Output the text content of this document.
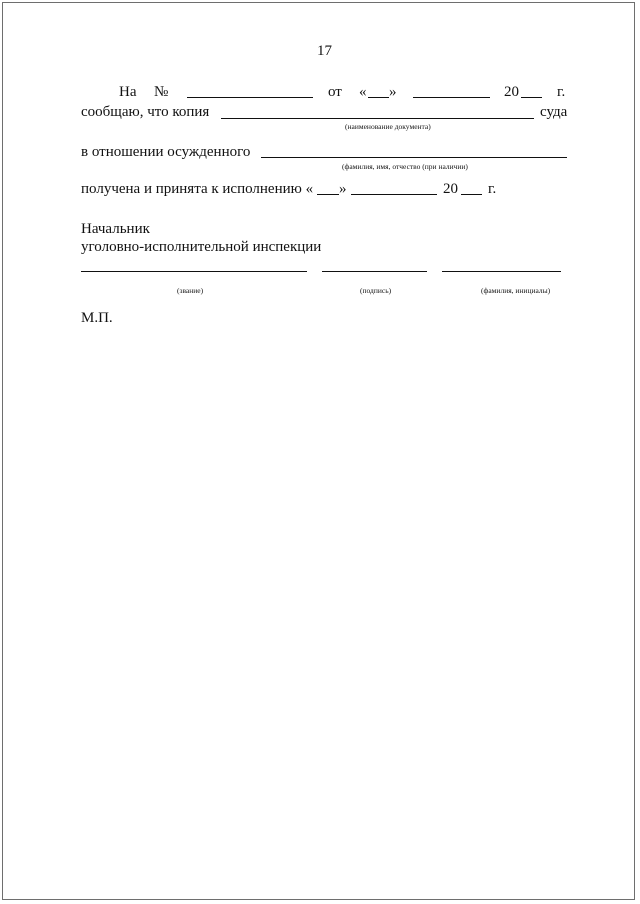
17
На №	от « »	20	г.
сообщаю, что копия	суда
(наименование документа)
в отношении осужденного
(фамилия, имя, отчество (при наличии)
получена и принята к исполнению « »	20 г.
Начальник
уголовно-исполнительной инспекции
(звание)	(подпись)	(фамилия, инициалы)
М.П.
